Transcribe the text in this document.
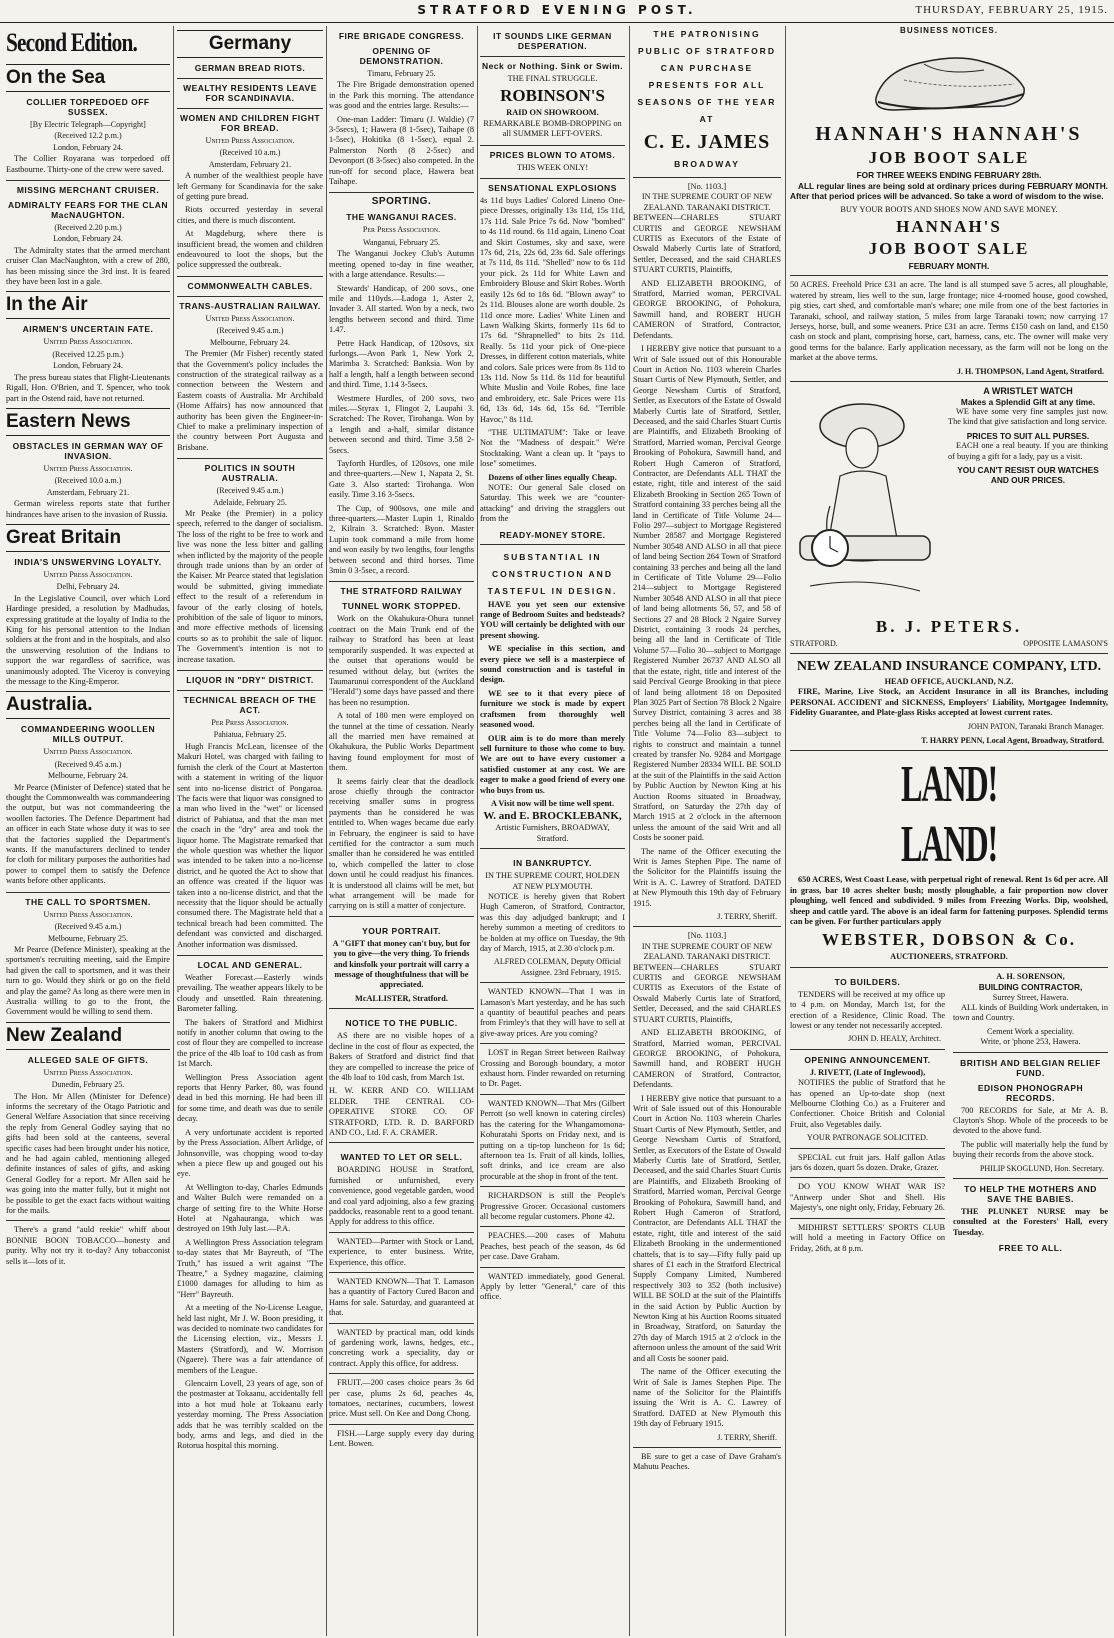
STRATFORD EVENING POST.	THURSDAY, FEBRUARY 25, 1915.
Second Edition.
On the Sea
COLLIER TORPEDOED OFF SUSSEX.
[By Electric Telegraph—Copyright]
(Received 12.2 p.m.)
London, February 24.

The Collier Royarana was torpedoed off Eastbourne. Thirty-one of the crew were saved.

MISSING MERCHANT CRUISER.
ADMIRALTY FEARS FOR THE CLAN MacNAUGHTON.
(Received 2.20 p.m.)
London, February 24.

The Admiralty states that the armed merchant cruiser Clan MacNaughton, with a crew of 280, has been missing since the 3rd inst. It is feared they have been lost in a gale.

In the Air
AIRMEN'S UNCERTAIN FATE.
United Press Association.
(Received 12.25 p.m.)
London, February 24.

The press bureau states that Flight-Lieutenants Rigall, Hon. O'Brien, and T. Spencer, who took part in the Ostend raid, have not returned.

Eastern News
OBSTACLES IN GERMAN WAY OF INVASION.
United Press Association.
(Received 10.0 a.m.)
Amsterdam, February 21.

German wireless reports state that further hindrances have arisen to the invasion of Russia.

Great Britain
INDIA'S UNSWERVING LOYALTY.
United Press Association.
Delhi, February 24.

In the Legislative Council, over which Lord Hardinge presided, a resolution by Madhudas, expressing gratitude at the loyalty of India to the King for his personal attention to the Indian soldiers at the front and in the hospitals, and also the unswerving resolution of the Indians to support the war regardless of sacrifice, was unanimously adopted. The Viceroy is conveying the message to the King-Emperor.

Australia.
COMMANDEERING WOOLLEN MILLS OUTPUT.
United Press Association.
(Received 9.45 a.m.)
Melbourne, February 24.

Mr Pearce (Minister of Defence) stated that he thought the Commonwealth was commandeering the output, but was not commandeering the woollen factories. The Defence Department had an officer in each State whose duty it was to see that the factories supplied the Department's wants. If the manufacturers declined to tender for cloth for military purposes the authorities had power to compel them to satisfy the Defence wants before other applicants.

THE CALL TO SPORTSMEN.
United Press Association.
(Received 9.45 a.m.)
Melbourne, February 25.

Mr Pearce (Defence Minister), speaking at the sportsmen's recruiting meeting, said the Empire had given the call to sportsmen, and it was their turn to go. Would they shirk or go on the field and play the game? As long as there were men in Australia willing to go to the front, the Government would be willing to send them.

New Zealand
ALLEGED SALE OF GIFTS.
United Press Association.
Dunedin, February 25.

The Hon. Mr Allen (Minister for Defence) informs the secretary of the Otago Patriotic and General Welfare Association that since receiving the reply from General Godley saying that no gifts had been sold at the canteens, several specific cases had been brought under his notice, and he had again cabled, mentioning alleged definite instances of sales of gifts, and asking General Godley for a report. Mr Allen said he was going into the matter fully, but it might not be possible to get the exact facts without waiting for the mails.

There's a grand "auld reekie" whiff about BONNIE BOON TOBACCO—honesty and purity. Why not try it to-day? Any tobacconist sells it—lots of it.

Germany
GERMAN BREAD RIOTS.
WEALTHY RESIDENTS LEAVE FOR SCANDINAVIA.
WOMEN AND CHILDREN FIGHT FOR BREAD.
United Press Association.
(Received 10 a.m.)
Amsterdam, February 21.

A number of the wealthiest people have left Germany for Scandinavia for the sake of getting pure bread.

Riots occurred yesterday in several cities, and there is much discontent.

At Magdeburg, where there is insufficient bread, the women and children endeavoured to loot the shops, but the police suppressed the outbreak.

COMMONWEALTH CABLES.
TRANS-AUSTRALIAN RAILWAY.
United Press Association.
(Received 9.45 a.m.)
Melbourne, February 24.

The Premier (Mr Fisher) recently stated that the Government's policy includes the construction of the strategical railway as a connection between the Western and Eastern coasts of Australia. Mr Archibald (Home Affairs) has now announced that authority has been given the Engineer-in-Chief to make a preliminary inspection of the country between Port Augusta and Brisbane.

POLITICS IN SOUTH AUSTRALIA.
(Received 9.45 a.m.)
Adelaide, February 25.

Mr Peake (the Premier) in a policy speech, referred to the danger of socialism. The loss of the right to be free to work and live was none the less bitter and galling when inflicted by the majority of the people through trade unions than by an order of the Kaiser. Mr Pearce stated that legislation would be submitted, giving immediate effect to the result of a referendum in favour of the early closing of hotels, prohibition of the sale of liquor to minors, and more effective methods of licensing courts so as to prohibit the sale of liquor. The Government's intention is not to increase taxation.

LIQUOR IN "DRY" DISTRICT.
TECHNICAL BREACH OF THE ACT.
Per Press Association.
Pahiatua, February 25.

Hugh Francis McLean, licensee of the Makuri Hotel, was charged with failing to furnish the clerk of the Court at Masterton with a statement in writing of the liquor sent into no-license district of Pongaroa. The facts were that liquor was consigned to a man who lived in the "wet" or licensed district of Pahiatua, and that the man met the coach in the "dry" area and took the liquor home. The Magistrate remarked that the whole question was whether the liquor was intended to be taken into a no-license district, and he quoted the Act to show that an offence was created if the liquor was taken into a no-license district, and that the necessity that the liquor should be actually consumed there. The Magistrate held that a technical breach had been committed. The defendant was convicted and discharged. Another information was dismissed.

LOCAL AND GENERAL.

Weather Forecast.—Easterly winds prevailing. The weather appears likely to be cloudy and unsettled. Rain threatening. Barometer falling.

The bakers of Stratford and Midhirst notify in another column that owing to the cost of flour they are compelled to increase the price of the 4lb loaf to 10d cash as from 1st March.

Wellington Press Association agent reports that Henry Parker, 80, was found dead in bed this morning. He had been ill for some time, and death was due to senile decay.

A very unfortunate accident is reported by the Press Association. Albert Arlidge, of Johnsonville, was chopping wood to-day when a piece flew up and gouged out his eye.

At Wellington to-day, Charles Edmunds and Walter Bulch were remanded on a charge of setting fire to the White Horse Hotel at Ngahauranga, which was destroyed on 19th July last.—P.A.

A Wellington Press Association telegram to-day states that Mr Bayreuth, of "The Truth," has issued a writ against "The Theatre," a Sydney magazine, claiming £1000 damages for alluding to him as "Herr" Bayreuth.

At a meeting of the No-License League, held last night, Mr J. W. Boon presiding, it was decided to nominate two candidates for the Licensing election, viz., Messrs J. Masters (Stratford), and W. Morrison (Ngaere). There was a fair attendance of members of the League.

Glencairn Lovell, 23 years of age, son of the postmaster at Tokaanu, accidentally fell into a hot mud hole at Tokaanu early yesterday morning. The Press Association adds that he was terribly scalded on the body, arms and legs, and died in the Rotorua hospital this morning.

FIRE BRIGADE CONGRESS.
OPENING OF DEMONSTRATION.
Timaru, February 25.

The Fire Brigade demonstration opened in the Park this morning. The attendance was good and the entries large. Results:—

One-man Ladder: Timaru (J. Waldie) (7 3-5secs), 1; Hawera (8 1-5sec), Taihape (8 1-5sec), Hokitika (8 1-5sec), equal 2. Palmerston North (8 2-5sec) and Devonport (8 3-5sec) also competed. In the run-off for second place, Hawera beat Taihape.

SPORTING.
THE WANGANUI RACES.
Per Press Association.
Wanganui, February 25.

The Wanganui Jockey Club's Autumn meeting opened to-day in fine weather, with a large attendance. Results:—

Stewards' Handicap, of 200 sovs., one mile and 110yds.—Ladoga 1, Aster 2, Invader 3. All started. Won by a neck, two lengths between second and third. Time 1.47.

Petre Hack Handicap, of 120sovs, six furlongs.—Avon Park 1, New York 2, Marimba 3. Scratched: Banksia. Won by half a length, half a length between second and third. Time, 1.14 3-5secs.

Westmere Hurdles, of 200 sovs, two miles.—Styrax 1, Flingot 2, Laupahi 3. Scratched: The Rover, Tirohanga. Won by a length and a-half, similar distance between second and third. Time 3.58 2-5secs.

Tayforth Hurdles, of 120sovs, one mile and three-quarters.—New 1, Napata 2, St. Gate 3. Also started: Tirohanga. Won easily. Time 3.16 3-5secs.

The Cup, of 900sovs, one mile and three-quarters.—Master Lupin 1, Rinaldo 2, Kilrain 3. Scratched: Byon. Master Lupin took command a mile from home and won easily by two lengths, four lengths between second and third horses. Time 3min 0 3-5sec, a record.

THE STRATFORD RAILWAY
TUNNEL WORK STOPPED.

Work on the Okahukura-Ohura tunnel contract on the Main Trunk end of the railway to Stratford has been at least temporarily suspended. It was expected at the outset that operations would be resumed without delay, but (writes the Taumarunui correspondent of the Auckland "Herald") some days have passed and there has been no resumption.

A total of 180 men were employed on the tunnel at the time of cessation. Nearly all the married men have remained at Okahukura, the Public Works Department having found employment for most of them.

It seems fairly clear that the deadlock arose chiefly through the contractor receiving smaller sums in progress payments than he considered he was entitled to. When wages became due early in February, the engineer is said to have certified for the contractor a sum much smaller than he considered he was entitled to, which compelled the latter to close down until he could readjust his finances. It is understood all claims will be met, but what arrangement will be made for carrying on is still a matter of conjecture.

YOUR PORTRAIT.

A "GIFT that money can't buy, but for you to give—the very thing. To friends and kinsfolk your portrait will carry a message of thoughtfulness that will be appreciated.

McALLISTER, Stratford.
NOTICE TO THE PUBLIC.

AS there are no visible hopes of a decline in the cost of flour as expected, the Bakers of Stratford and district find that they are compelled to increase the price of the 4lb loaf to 10d cash, from March 1st.

H. W. KERR AND CO. WILLIAM ELDER. THE CENTRAL CO-OPERATIVE STORE CO. OF STRATFORD, LTD. R. D. BARFORD AND CO., Ltd. F. A. CRAMER.

WANTED TO LET OR SELL.

BOARDING HOUSE in Stratford, furnished or unfurnished, every convenience, good vegetable garden, wood and coal yard adjoining, also a few grazing paddocks, reasonable rent to a good tenant. Apply for address to this office.

WANTED—Partner with Stock or Land, experience, to enter business. Write, Experience, this office.

WANTED KNOWN—That T. Lamason has a quantity of Factory Cured Bacon and Hams for sale. Saturday, and guaranteed at that.

WANTED by practical man, odd kinds of gardening work, lawns, hedges, etc., concreting work a speciality, day or contract. Apply this office, for address.

FRUIT.—200 cases choice pears 3s 6d per case, plums 2s 6d, peaches 4s, tomatoes, nectarines, cucumbers, lowest price. Must sell. On Kee and Dong Chong.

FISH.—Large supply every day during Lent. Bowen.

IT SOUNDS LIKE GERMAN DESPERATION.
Neck or Nothing. Sink or Swim.
THE FINAL STRUGGLE.
ROBINSON'S
RAID ON SHOWROOM.
REMARKABLE BOMB-DROPPING on all SUMMER LEFT-OVERS.
PRICES BLOWN TO ATOMS.
THIS WEEK ONLY!
SENSATIONAL EXPLOSIONS

4s 11d buys Ladies' Colored Lineno One-piece Dresses, originally 13s 11d, 15s 11d, 17s 11d. Sale Price 7s 6d. Now "bombed" to 4s 11d round. 6s 11d again, Lineno Coat and Skirt Costumes, sky and saxe, were 17s 6d, 21s, 22s 6d, 23s 6d. Sale offerings at 7s 11d, 8s 11d. "Shelled" now to 6s 11d your pick. 2s 11d for White Lawn and Embroidery Blouse and Skirt Robes. Worth easily 12s 6d to 18s 6d. "Blown away" to 2s 11d. Blouses alone are worth double. 2s 11d once more. Ladies' White Linen and Lawn Walking Skirts, formerly 11s 6d to 17s 6d. "Shrapnelled" to bits 2s 11d. Really. 5s 11d your pick of One-piece Dresses, in different cotton materials, white and colors. Sale prices were from 8s 11d to 13s 11d. Now 5s 11d. 8s 11d for beautiful White Muslin and Voile Robes, fine lace and embroidery, etc. Sale Prices were 11s 6d, 13s 6d, 14s 6d, 15s 6d. "Terrible Havoc," 8s 11d.

"THE ULTIMATUM": Take or leave Not the "Madness of despair." We're Stocktaking. Want a clean up. It "pays to lose" sometimes.

Dozens of other lines equally Cheap.

NOTE: Our general Sale closed on Saturday. This week we are "counter-attacking" and driving the stragglers out from the

READY-MONEY STORE.
SUBSTANTIAL IN CONSTRUCTION AND TASTEFUL IN DESIGN.

HAVE you yet seen our extensive range of Bedroom Suites and bedsteads? YOU will certainly be delighted with our present showing.

WE specialise in this section, and every piece we sell is a masterpiece of sound construction and is tasteful in design.

WE see to it that every piece of furniture we stock is made by expert craftsmen from thoroughly well seasoned wood.

OUR aim is to do more than merely sell furniture to those who come to buy. We are out to have every customer a satisfied customer at any cost. We are eager to make a good friend of every one who buys from us.

A Visit now will be time well spent.
W. and E. BROCKLEBANK,
Artistic Furnishers, BROADWAY, Stratford.
IN BANKRUPTCY.
IN THE SUPREME COURT, HOLDEN AT NEW PLYMOUTH.

NOTICE is hereby given that Robert Hugh Cameron, of Stratford, Contractor, was this day adjudged bankrupt; and I hereby summon a meeting of creditors to be holden at my office on Tuesday, the 9th day of March, 1915, at 2.30 o'clock p.m.

ALFRED COLEMAN, Deputy Official Assignee. 23rd February, 1915.

WANTED KNOWN—That I was in Lamason's Mart yesterday, and he has such a quantity of beautiful peaches and pears from Frimley's that they will have to sell at give-away prices. Are you coming?

LOST in Regan Street between Railway Crossing and Borough boundary, a motor exhaust horn. Finder rewarded on returning to Dr. Paget.

WANTED KNOWN—That Mrs (Gilbert Perrott (so well known in catering circles) has the catering for the Whangamomona-Kohuratahi Sports on Friday next, and is putting on a tip-top luncheon for 1s 6d; afternoon tea 1s. Fruit of all kinds, lollies, soft drinks, and ice cream are also procurable at the shop in front of the tent.

RICHARDSON is still the People's Progressive Grocer. Occasional customers all become regular customers. Phone 42.

PEACHES.—200 cases of Mahutu Peaches, best peach of the season, 4s 6d per case. Dave Graham.

WANTED immediately, good General. Apply by letter "General," care of this office.

THE PATRONISING PUBLIC OF STRATFORD CAN PURCHASE
PRESENTS FOR ALL SEASONS OF THE YEAR AT
C. E. JAMES
BROADWAY
[No. 1103.]
IN THE SUPREME COURT OF NEW ZEALAND. TARANAKI DISTRICT.

BETWEEN—CHARLES STUART CURTIS and GEORGE NEWSHAM CURTIS as Executors of the Estate of Oswald Maberly Curtis late of Stratford, Settler, Deceased, and the said CHARLES STUART CURTIS, Plaintiffs,

AND ELIZABETH BROOKING, of Stratford, Married woman, PERCIVAL GEORGE BROOKING, of Pohokura, Sawmill hand, and ROBERT HUGH CAMERON of Stratford, Contractor, Defendants.

I HEREBY give notice that pursuant to a Writ of Sale issued out of this Honourable Court in Action No. 1103 wherein Charles Stuart Curtis of New Plymouth, Settler, and George Newsham Curtis of Stratford, Settler, as Executors of the Estate of Oswald Maberly Curtis late of Stratford, Settler, Deceased, and the said Charles Stuart Curtis are Plaintiffs, and Elizabeth Brooking of Stratford, Married woman, Percival George Brooking of Pohokura, Sawmill hand, and Robert Hugh Cameron of Stratford, Contractor, are Defendants ALL THAT the estate, right, title and interest of the said Elizabeth Brooking in Section 265 Town of Stratford containing 33 perches being all the land in Certificate of Title Volume 24—Folio 297—subject to Mortgage Registered Number 28587 and Mortgage Registered Number 30548 AND ALSO in all that piece of land being Section 264 Town of Stratford containing 33 perches and being all the land in Certificate of Title Volume 29—Folio 214—subject to Mortgage Registered Number 30548 AND ALSO in all that piece of land being allotments 56, 57, and 58 of Sections 27 and 28 Block 2 Ngaire Survey District, containing 3 roods 24 perches, being all the land in Certificate of Title Volume 57—Folio 30—subject to Mortgage Registered Number 26737 AND ALSO all that the estate, right, title and interest of the said Percival George Brooking in that piece of land being allotment 18 on Deposited Plan 3025 Part of Section 78 Block 2 Ngaire Survey District, containing 3 acres and 38 perches being all the land in Certificate of Title Volume 74—Folio 83—subject to rights to construct and maintain a tunnel created by transfer No. 9284 and Mortgage Registered Number 28334 WILL BE SOLD at the suit of the Plaintiffs in the said Action by Public Auction by Newton King at his Auction Rooms situated in Broadway, Stratford, on Saturday the 27th day of March 1915 at 2 o'clock in the afternoon unless the amount of the said Writ and all Costs be sooner paid.

The name of the Officer executing the Writ is James Stephen Pipe. The name of the Solicitor for the Plaintiffs issuing the Writ is A. C. Lawrey of Stratford. DATED at New Plymouth this 19th day of February 1915.

J. TERRY, Sheriff.
[No. 1103.]
IN THE SUPREME COURT OF NEW ZEALAND. TARANAKI DISTRICT.

BETWEEN—CHARLES STUART CURTIS and GEORGE NEWSHAM CURTIS as Executors of the Estate of Oswald Maberly Curtis late of Stratford, Settler, Deceased, and the said CHARLES STUART CURTIS, Plaintiffs,

AND ELIZABETH BROOKING, of Stratford, Married woman, PERCIVAL GEORGE BROOKING, of Pohokura, Sawmill hand, and ROBERT HUGH CAMERON of Stratford, Contractor, Defendants.

I HEREBY give notice that pursuant to a Writ of Sale issued out of this Honourable Court in Action No. 1103 wherein Charles Stuart Curtis of New Plymouth, Settler, and George Newsham Curtis of Stratford, Settler, as Executors of the Estate of Oswald Maberly Curtis late of Stratford, Settler, Deceased, and the said Charles Stuart Curtis are Plaintiffs, and Elizabeth Brooking of Stratford, Married woman, Percival George Brooking of Pohokura, Sawmill hand, and Robert Hugh Cameron of Stratford, Contractor, are Defendants ALL THAT the estate, right, title and interest of the said Elizabeth Brooking in the undermentioned chattels, that is to say—Fifty fully paid up shares of £1 each in the Stratford Electrical Supply Company Limited, Numbered respectively 303 to 352 (both inclusive) WILL BE SOLD at the suit of the Plaintiffs in the said Action by Public Auction by Newton King at his Auction Rooms situated in Broadway, Stratford, on Saturday the 27th day of March 1915 at 2 o'clock in the afternoon unless the amount of the said Writ and all Costs be sooner paid.

The name of the Officer executing the Writ of Sale is James Stephen Pipe. The name of the Solicitor for the Plaintiffs issuing the Writ is A. C. Lawrey of Stratford. DATED at New Plymouth this 19th day of February 1915.

J. TERRY, Sheriff.

BE sure to get a case of Dave Graham's Mahutu Peaches.

BUSINESS NOTICES.
HANNAH'S HANNAH'S
JOB BOOT SALE
FOR THREE WEEKS ENDING FEBRUARY 28th.

ALL regular lines are being sold at ordinary prices during FEBRUARY MONTH. After that period prices will be advanced. So take a word of wisdom to the wise.

BUY YOUR BOOTS AND SHOES NOW AND SAVE MONEY.
HANNAH'S
JOB BOOT SALE
FEBRUARY MONTH.

50 ACRES. Freehold Price £31 an acre. The land is all stumped save 5 acres, all ploughable, watered by stream, lies well to the sun, large frontage; nice 4-roomed house, good cowshed, pig sties, cart shed, and comfortable man's whare; one mile from one of the best factories in Taranaki, school, and railway station, 5 miles from large Taranaki town; now carrying 17 Jerseys, horse, bull, and some weaners. Price £31 an acre. Terms £150 cash on land, and £150 cash on stock and plant, comprising horse, cart, harness, cans, etc. The owner will make very good terms for the balance. Early application necessary, as the farm will not be long on the market at the above terms.

J. H. THOMPSON, Land Agent, Stratford.
A WRISTLET WATCH
Makes a Splendid Gift at any time.

WE have some very fine samples just now. The kind that give satisfaction and long service.

PRICES TO SUIT ALL PURSES.

EACH one a real beauty. If you are thinking of buying a gift for a lady, pay us a visit.

YOU CAN'T RESIST OUR WATCHES AND OUR PRICES.
B. J. PETERS.
STRATFORD.	OPPOSITE LAMASON'S
NEW ZEALAND INSURANCE COMPANY, LTD.
HEAD OFFICE, AUCKLAND, N.Z.

FIRE, Marine, Live Stock, an Accident Insurance in all its Branches, including PERSONAL ACCIDENT and SICKNESS, Employers' Liability, Mortgagee Indemnity, Fidelity Guarantee, and Plate-glass Risks accepted at lowest current rates.

JOHN PATON, Taranaki Branch Manager.
T. HARRY PENN, Local Agent, Broadway, Stratford.
LAND! LAND!

650 ACRES, West Coast Lease, with perpetual right of renewal. Rent 1s 6d per acre. All in grass, bar 10 acres shelter bush; mostly ploughable, a fair proportion now clover ploughing, well fenced and subdivided. 9 miles from Freezing Works. Dip, woolshed, sheep and cattle yard. The above is an ideal farm for fattening purposes. Splendid terms can be given. For further particulars apply

WEBSTER, DOBSON & Co.
AUCTIONEERS, STRATFORD.
TO BUILDERS.

TENDERS will be received at my office up to 4 p.m. on Monday, March 1st, for the erection of a Residence, Clinic Road. The lowest or any tender not necessarily accepted.

JOHN D. HEALY, Architect.
OPENING ANNOUNCEMENT.
J. RIVETT, (Late of Inglewood),

NOTIFIES the public of Stratford that he has opened an Up-to-date shop (next Melbourne Clothing Co.) as a Fruiterer and Confectioner. Choice British and Colonial Fruit, also Vegetables daily.

YOUR PATRONAGE SOLICITED.

SPECIAL cut fruit jars. Half gallon Atlas jars 6s dozen, quart 5s dozen. Drake, Grazer.

DO YOU KNOW WHAT WAR IS? "Antwerp under Shot and Shell. His Majesty's, one night only, Friday, February 26.

MIDHIRST SETTLERS' SPORTS CLUB will hold a meeting in Factory Office on Friday, 26th, at 8 p.m.

A. H. SORENSON,
BUILDING CONTRACTOR,
Surrey Street, Hawera.

ALL kinds of Building Work undertaken, in town and Country.

Cement Work a speciality.
Write, or 'phone 253, Hawera.
BRITISH AND BELGIAN RELIEF FUND.
EDISON PHONOGRAPH RECORDS.

700 RECORDS for Sale, at Mr A. B. Clayton's Shop. Whole of the proceeds to be devoted to the above fund.

The public will materially help the fund by buying their records from the above stock.

PHILIP SKOGLUND, Hon. Secretary.
TO HELP THE MOTHERS AND SAVE THE BABIES.

THE PLUNKET NURSE may be consulted at the Foresters' Hall, every Tuesday.

FREE TO ALL.
